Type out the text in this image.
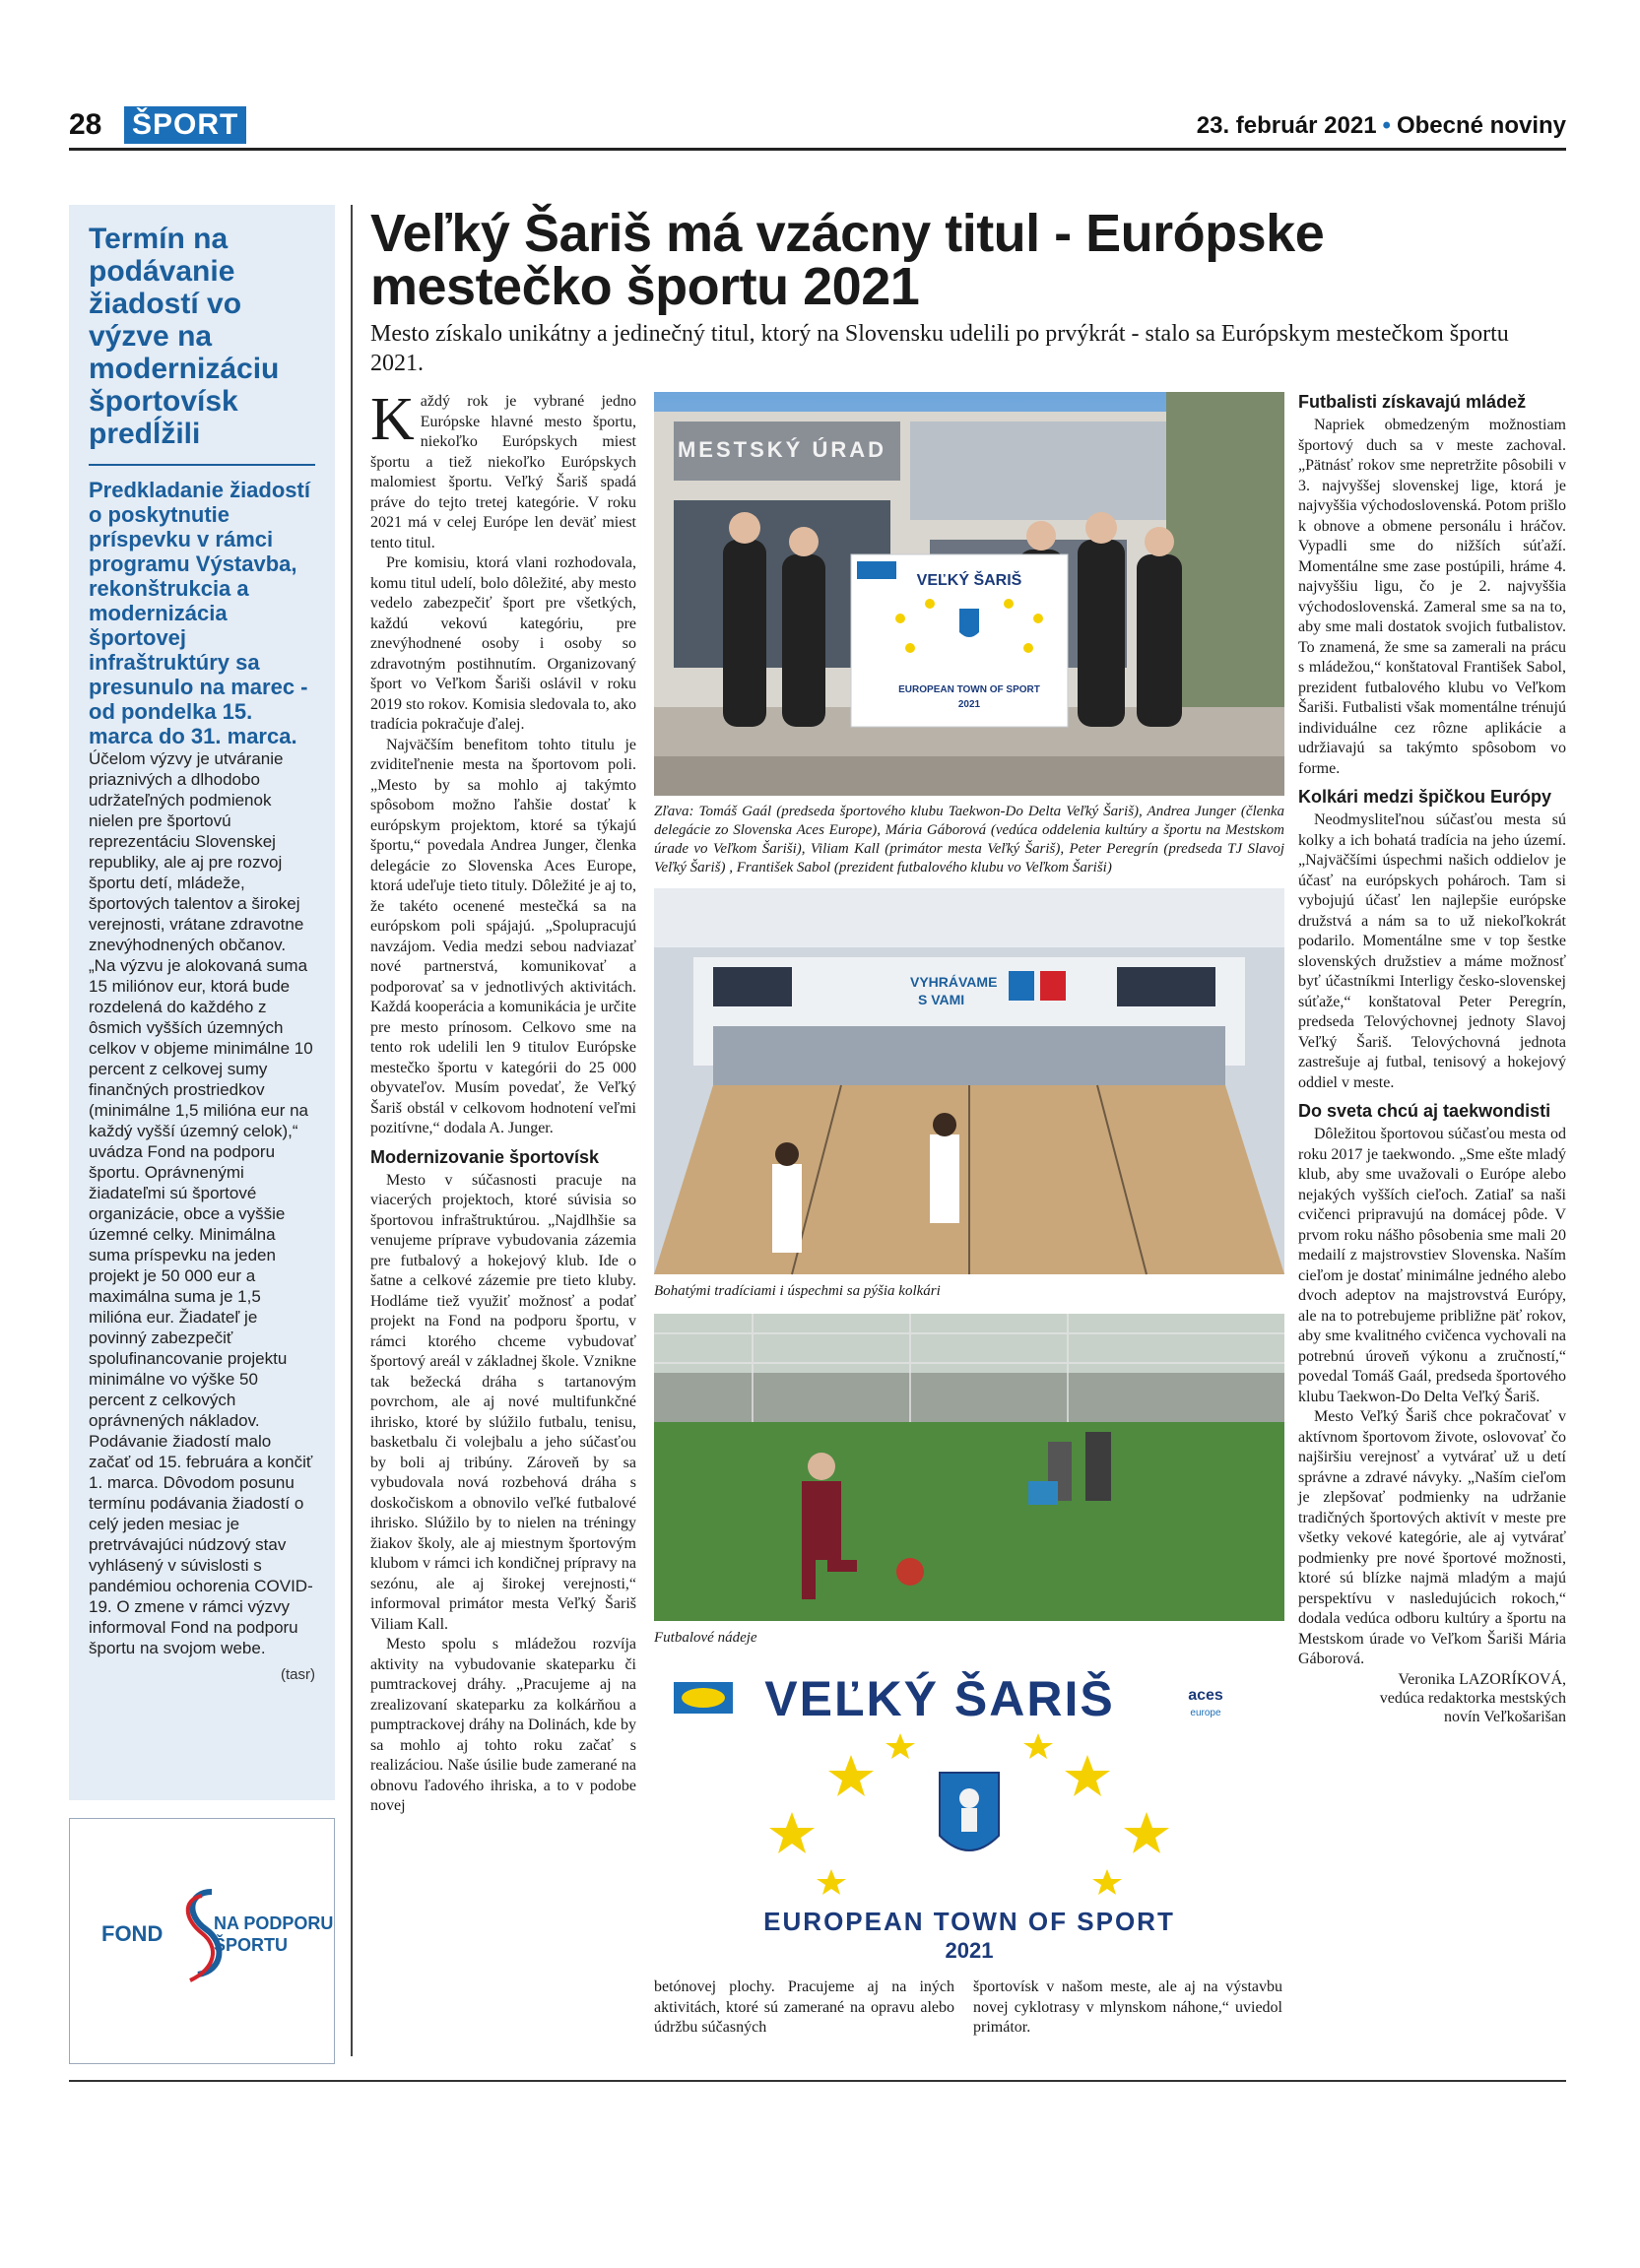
28 ŠPORT	23. február 2021 • Obecné noviny
Termín na podávanie žiadostí vo výzve na modernizáciu športovísk predĺžili
Predkladanie žiadostí o poskytnutie príspevku v rámci programu Výstavba, rekonštrukcia a modernizácia športovej infraštruktúry sa presunulo na marec - od pondelka 15. marca do 31. marca.
Účelom výzvy je utváranie priaznivých a dlhodobo udržateľných podmienok nielen pre športovú reprezentáciu Slovenskej republiky, ale aj pre rozvoj športu detí, mládeže, športových talentov a širokej verejnosti, vrátane zdravotne znevýhodnených občanov. „Na výzvu je alokovaná suma 15 miliónov eur, ktorá bude rozdelená do každého z ôsmich vyšších územných celkov v objeme minimálne 10 percent z celkovej sumy finančných prostriedkov (minimálne 1,5 milióna eur na každý vyšší územný celok),“ uvádza Fond na podporu športu. Oprávnenými žiadateľmi sú športové organizácie, obce a vyššie územné celky. Minimálna suma príspevku na jeden projekt je 50 000 eur a maximálna suma je 1,5 milióna eur. Žiadateľ je povinný zabezpečiť spolufinancovanie projektu minimálne vo výške 50 percent z celkových oprávnených nákladov. Podávanie žiadostí malo začať od 15. februára a končiť 1. marca. Dôvodom posunu termínu podávania žiadostí o celý jeden mesiac je pretrvávajúci núdzový stav vyhlásený v súvislosti s pandémiou ochorenia COVID-19. O zmene v rámci výzvy informoval Fond na podporu športu na svojom webe.
(tasr)
FOND	NA PODPORU
ŠPORTU
Veľký Šariš má vzácny titul - Európske mestečko športu 2021
Mesto získalo unikátny a jedinečný titul, ktorý na Slovensku udelili po prvýkrát - stalo sa Európskym mestečkom športu 2021.

Každý rok je vybrané jedno Európske hlavné mesto športu, niekoľko Európskych miest športu a tiež niekoľko Európskych malomiest športu. Veľký Šariš spadá práve do tejto tretej kategórie. V roku 2021 má v celej Európe len deväť miest tento titul.

Pre komisiu, ktorá vlani rozhodovala, komu titul udelí, bolo dôležité, aby mesto vedelo zabezpečiť šport pre všetkých, každú vekovú kategóriu, pre znevýhodnené osoby i osoby so zdravotným postihnutím. Organizovaný šport vo Veľkom Šariši oslávil v roku 2019 sto rokov. Komisia sledovala to, ako tradícia pokračuje ďalej.

Najväčším benefitom tohto titulu je zviditeľnenie mesta na športovom poli. „Mesto by sa mohlo aj takýmto spôsobom možno ľahšie dostať k európskym projektom, ktoré sa týkajú športu,“ povedala Andrea Junger, členka delegácie zo Slovenska Aces Europe, ktorá udeľuje tieto tituly. Dôležité je aj to, že takéto ocenené mestečká sa na európskom poli spájajú. „Spolupracujú navzájom. Vedia medzi sebou nadviazať nové partnerstvá, komunikovať a podporovať sa v jednotlivých aktivitách. Každá kooperácia a komunikácia je určite pre mesto prínosom. Celkovo sme na tento rok udelili len 9 titulov Európske mestečko športu v kategórii do 25 000 obyvateľov. Musím povedať, že Veľký Šariš obstál v celkovom hodnotení veľmi pozitívne,“ dodala A. Junger.

Modernizovanie športovísk

Mesto v súčasnosti pracuje na viacerých projektoch, ktoré súvisia so športovou infraštruktúrou. „Najdlhšie sa venujeme príprave vybudovania zázemia pre futbalový a hokejový klub. Ide o šatne a celkové zázemie pre tieto kluby. Hodláme tiež využiť možnosť a podať projekt na Fond na podporu športu, v rámci ktorého chceme vybudovať športový areál v základnej škole. Vznikne tak bežecká dráha s tartanovým povrchom, ale aj nové multifunkčné ihrisko, ktoré by slúžilo futbalu, tenisu, basketbalu či volejbalu a jeho súčasťou by boli aj tribúny. Zároveň by sa vybudovala nová rozbehová dráha s doskočiskom a obnovilo veľké futbalové ihrisko. Slúžilo by to nielen na tréningy žiakov školy, ale aj miestnym športovým klubom v rámci ich kondičnej prípravy na sezónu, ale aj širokej verejnosti,“ informoval primátor mesta Veľký Šariš Viliam Kall.

Mesto spolu s mládežou rozvíja aktivity na vybudovanie skateparku či pumtrackovej dráhy. „Pracujeme aj na zrealizovaní skateparku za kolkárňou a pumptrackovej dráhy na Dolinách, kde by sa mohlo aj tohto roku začať s realizáciou. Naše úsilie bude zamerané na obnovu ľadového ihriska, a to v podobe novej

Futbalisti získavajú mládež

Napriek obmedzeným možnostiam športový duch sa v meste zachoval. „Pätnásť rokov sme nepretržite pôsobili v 3. najvyššej slovenskej lige, ktorá je najvyššia východoslovenská. Potom prišlo k obnove a obmene personálu i hráčov. Vypadli sme do nižších súťaží. Momentálne sme zase postúpili, hráme 4. najvyššiu ligu, čo je 2. najvyššia východoslovenská. Zameral sme sa na to, aby sme mali dostatok svojich futbalistov. To znamená, že sme sa zamerali na prácu s mládežou,“ konštatoval František Sabol, prezident futbalového klubu vo Veľkom Šariši. Futbalisti však momentálne trénujú individuálne cez rôzne aplikácie a udržiavajú sa takýmto spôsobom vo forme.

Kolkári medzi špičkou Európy

Neodmysliteľnou súčasťou mesta sú kolky a ich bohatá tradícia na jeho území. „Najväčšími úspechmi našich oddielov je účasť na európskych pohároch. Tam si vybojujú účasť len najlepšie európske družstvá a nám sa to už niekoľkokrát podarilo. Momentálne sme v top šestke slovenských družstiev a máme možnosť byť účastníkmi Interligy česko-slovenskej súťaže,“ konštatoval Peter Peregrín, predseda Telovýchovnej jednoty Slavoj Veľký Šariš. Telovýchovná jednota zastrešuje aj futbal, tenisový a hokejový oddiel v meste.

Do sveta chcú aj taekwondisti

Dôležitou športovou súčasťou mesta od roku 2017 je taekwondo. „Sme ešte mladý klub, aby sme uvažovali o Európe alebo nejakých vyšších cieľoch. Zatiaľ sa naši cvičenci pripravujú na domácej pôde. V prvom roku nášho pôsobenia sme mali 20 medailí z majstrovstiev Slovenska. Naším cieľom je dostať minimálne jedného alebo dvoch adeptov na majstrovstvá Európy, ale na to potrebujeme približne päť rokov, aby sme kvalitného cvičenca vychovali na potrebnú úroveň výkonu a zručností,“ povedal Tomáš Gaál, predseda športového klubu Taekwon-Do Delta Veľký Šariš.

Mesto Veľký Šariš chce pokračovať v aktívnom športovom živote, oslovovať čo najširšiu verejnosť a vytvárať už u detí správne a zdravé návyky. „Naším cieľom je zlepšovať podmienky na udržanie tradičných športových aktivít v meste pre všetky vekové kategórie, ale aj vytvárať podmienky pre nové športové možnosti, ktoré sú blízke najmä mladým a majú perspektívu v nasledujúcich rokoch,“ dodala vedúca odboru kultúry a športu na Mestskom úrade vo Veľkom Šariši Mária Gáborová.

Veronika LAZORÍKOVÁ,

vedúca redaktorka mestských

novín Veľkošarišan

MESTSKÝ ÚRAD
VEĽKÝ ŠARIŠ
EUROPEAN TOWN OF SPORT
2021
Zľava: Tomáš Gaál (predseda športového klubu Taekwon-Do Delta Veľký Šariš), Andrea Junger (členka delegácie zo Slovenska Aces Europe), Mária Gáborová (vedúca oddelenia kultúry a športu na Mestskom úrade vo Veľkom Šariši), Viliam Kall (primátor mesta Veľký Šariš), Peter Peregrín (predseda TJ Slavoj Veľký Šariš) , František Sabol (prezident futbalového klubu vo Veľkom Šariši)
VYHRÁVAME
S VAMI
Bohatými tradíciami i úspechmi sa pýšia kolkári
Futbalové nádeje
VEĽKÝ ŠARIŠ	aces
europe
EUROPEAN TOWN OF SPORT
2021

betónovej plochy. Pracujeme aj na iných aktivitách, ktoré sú zamerané na opravu alebo údržbu súčasných

športovísk v našom meste, ale aj na výstavbu novej cyklotrasy v mlynskom náhone,“ uviedol primátor.
